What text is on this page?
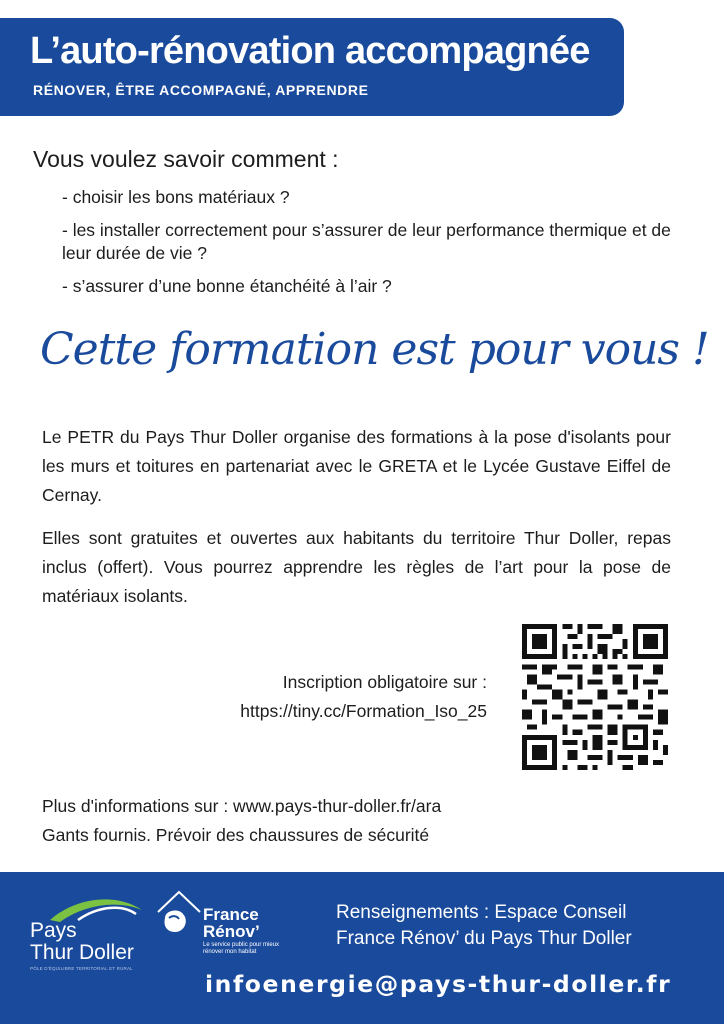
L’auto-rénovation accompagnée
RÉNOVER, ÊTRE ACCOMPAGNÉ, APPRENDRE
Vous voulez savoir comment :
- choisir les bons matériaux ?
- les installer correctement pour s’assurer de leur performance thermique et de leur durée de vie ?
- s’assurer d’une bonne étanchéité à l’air ?
Cette formation est pour vous !

Le PETR du Pays Thur Doller organise des formations à la pose d'isolants pour les murs et toitures en partenariat avec le GRETA et le Lycée Gustave Eiffel de Cernay.

Elles sont gratuites et ouvertes aux habitants du territoire Thur Doller, repas inclus (offert). Vous pourrez apprendre les règles de l’art pour la pose de matériaux isolants.

Inscription obligatoire sur :
https://tiny.cc/Formation_Iso_25
Plus d'informations sur : www.pays-thur-doller.fr/ara
Gants fournis. Prévoir des chaussures de sécurité
Pays
Thur Doller
PÔLE D'ÉQUILIBRE TERRITORIAL ET RURAL
France
Rénov’
Le service public pour mieux rénover mon habitat
Renseignements : Espace Conseil
France Rénov’ du Pays Thur Doller
infoenergie@pays-thur-doller.fr
